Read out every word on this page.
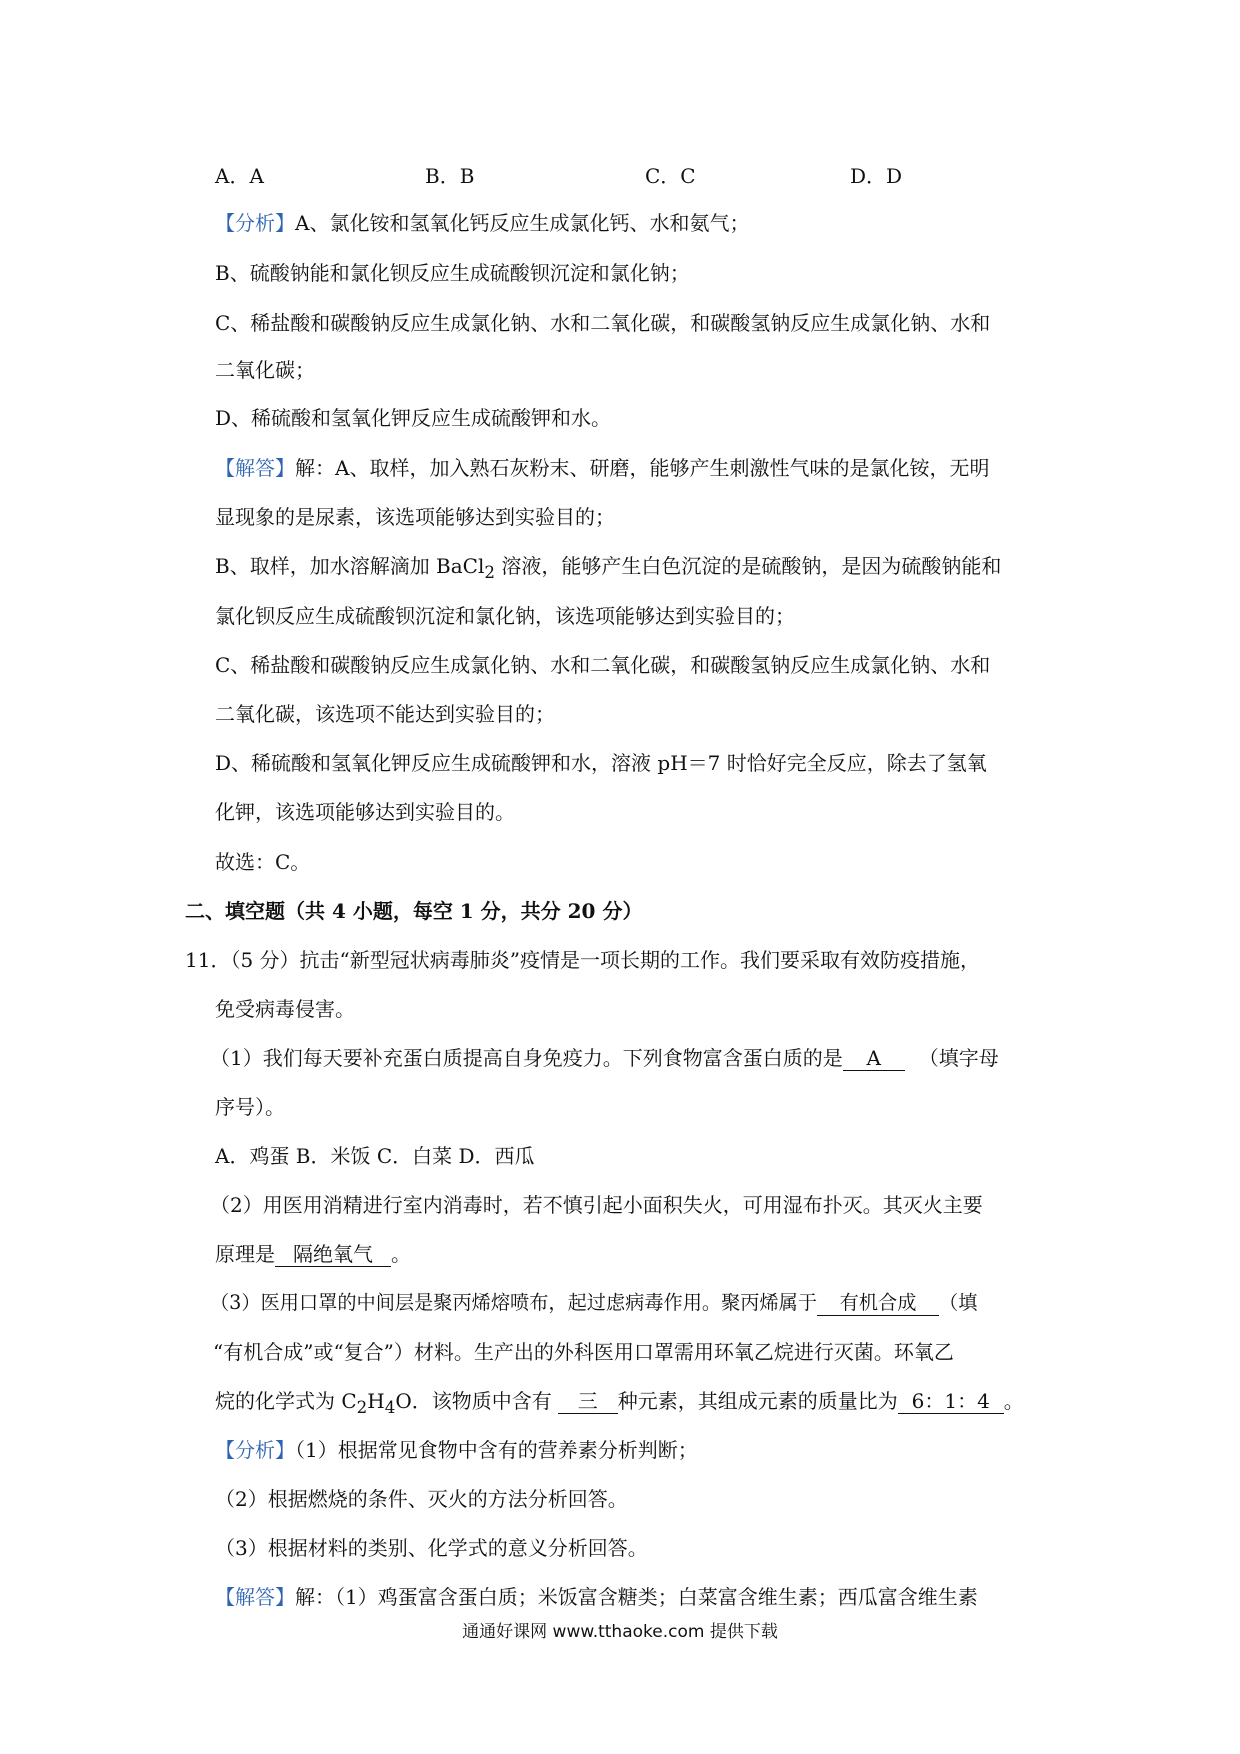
A．A	B．B	C．C	D．D
【分析】A、氯化铵和氢氧化钙反应生成氯化钙、水和氨气；
B、硫酸钠能和氯化钡反应生成硫酸钡沉淀和氯化钠；
C、稀盐酸和碳酸钠反应生成氯化钠、水和二氧化碳，和碳酸氢钠反应生成氯化钠、水和
二氧化碳；
D、稀硫酸和氢氧化钾反应生成硫酸钾和水。
【解答】解：A、取样，加入熟石灰粉末、研磨，能够产生刺激性气味的是氯化铵，无明
显现象的是尿素，该选项能够达到实验目的；
B、取样，加水溶解滴加 BaCl$_2$ 溶液，能够产生白色沉淀的是硫酸钠，是因为硫酸钠能和
氯化钡反应生成硫酸钡沉淀和氯化钠，该选项能够达到实验目的；
C、稀盐酸和碳酸钠反应生成氯化钠、水和二氧化碳，和碳酸氢钠反应生成氯化钠、水和
二氧化碳，该选项不能达到实验目的；
D、稀硫酸和氢氧化钾反应生成硫酸钾和水，溶液 pH＝7 时恰好完全反应，除去了氢氧
化钾，该选项能够达到实验目的。
故选：C。
二、填空题（共 4 小题，每空 1 分，共分 20 分）
11．（5 分）抗击“新型冠状病毒肺炎”疫情是一项长期的工作。我们要采取有效防疫措施，
免受病毒侵害。
（1）我们每天要补充蛋白质提高自身免疫力。下列食物富含蛋白质的是 A （填字母
序号）。
A．鸡蛋 B．米饭 C．白菜 D．西瓜
（2）用医用消精进行室内消毒时，若不慎引起小面积失火，可用湿布扑灭。其灭火主要
原理是 隔绝氧气 。
（3）医用口罩的中间层是聚丙烯熔喷布，起过虑病毒作用。聚丙烯属于 有机合成 （填
“有机合成”或“复合”）材料。生产出的外科医用口罩需用环氧乙烷进行灭菌。环氧乙
烷的化学式为 $C_2H_4O$．该物质中含有 三 种元素，其组成元素的质量比为 6：1：4 。
【分析】（1）根据常见食物中含有的营养素分析判断；
（2）根据燃烧的条件、灭火的方法分析回答。
（3）根据材料的类别、化学式的意义分析回答。
【解答】解：（1）鸡蛋富含蛋白质；米饭富含糖类；白菜富含维生素；西瓜富含维生素
通通好课网 www.tthaoke.com 提供下载
